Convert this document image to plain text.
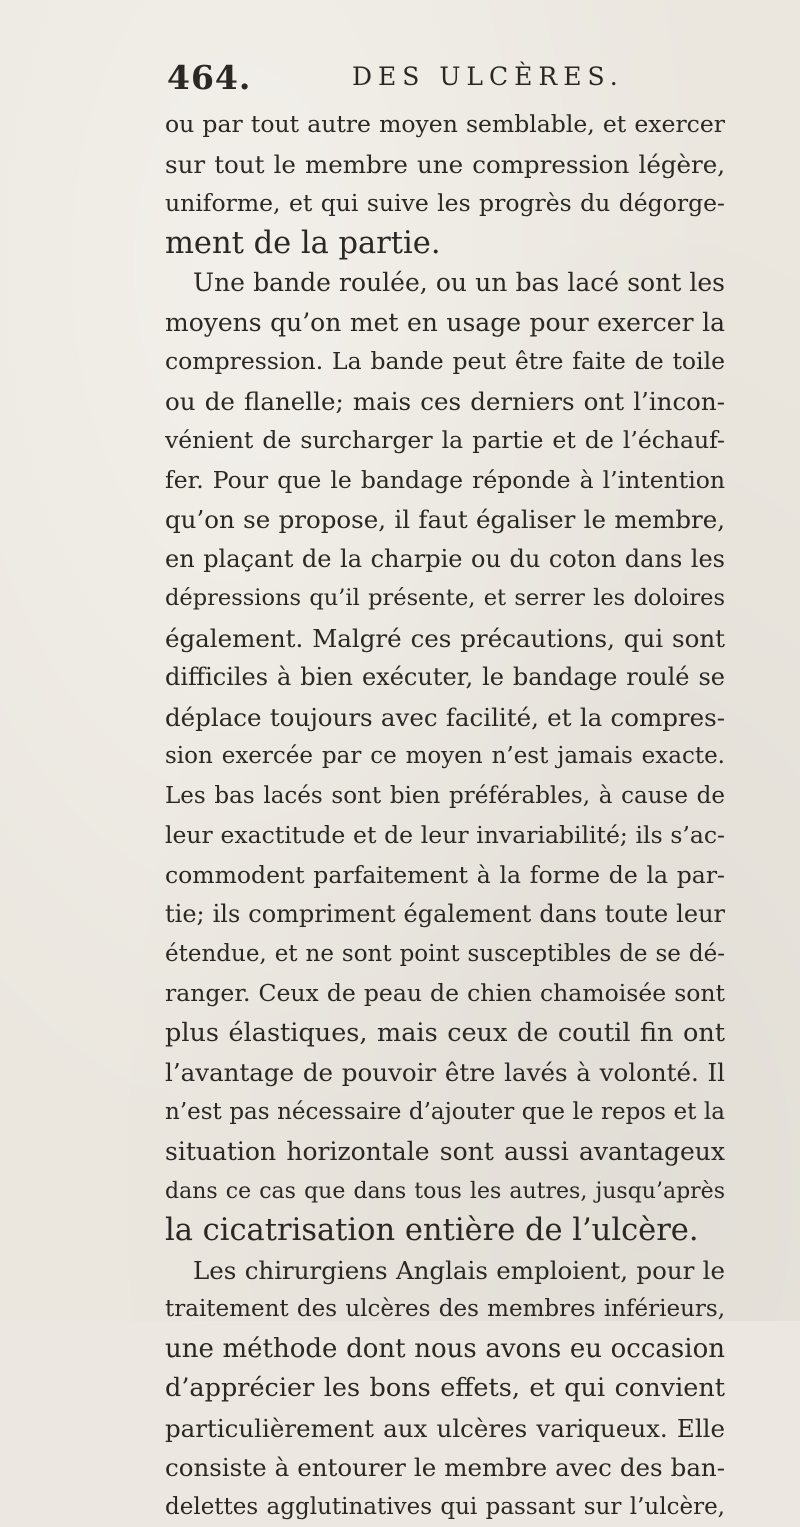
464.	DES ULCÈRES.
ou par tout autre moyen semblable, et exercer
sur tout le membre une compression légère,
uniforme, et qui suive les progrès du dégorge-
ment de la partie.
Une bande roulée, ou un bas lacé sont les
moyens qu’on met en usage pour exercer la
compression. La bande peut être faite de toile
ou de flanelle; mais ces derniers ont l’incon-
vénient de surcharger la partie et de l’échauf-
fer. Pour que le bandage réponde à l’intention
qu’on se propose, il faut égaliser le membre,
en plaçant de la charpie ou du coton dans les
dépressions qu’il présente, et serrer les doloires
également. Malgré ces précautions, qui sont
difficiles à bien exécuter, le bandage roulé se
déplace toujours avec facilité, et la compres-
sion exercée par ce moyen n’est jamais exacte.
Les bas lacés sont bien préférables, à cause de
leur exactitude et de leur invariabilité; ils s’ac-
commodent parfaitement à la forme de la par-
tie; ils compriment également dans toute leur
étendue, et ne sont point susceptibles de se dé-
ranger. Ceux de peau de chien chamoisée sont
plus élastiques, mais ceux de coutil fin ont
l’avantage de pouvoir être lavés à volonté. Il
n’est pas nécessaire d’ajouter que le repos et la
situation horizontale sont aussi avantageux
dans ce cas que dans tous les autres, jusqu’après
la cicatrisation entière de l’ulcère.
Les chirurgiens Anglais emploient, pour le
traitement des ulcères des membres inférieurs,
une méthode dont nous avons eu occasion
d’apprécier les bons effets, et qui convient
particulièrement aux ulcères variqueux. Elle
consiste à entourer le membre avec des ban-
delettes agglutinatives qui passant sur l’ulcère,
